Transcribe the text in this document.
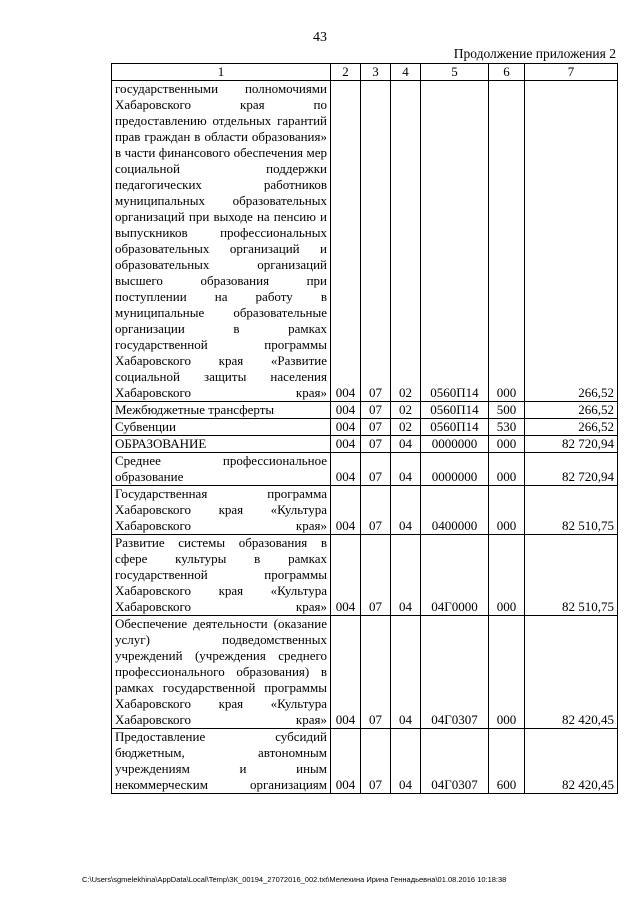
43
Продолжение приложения 2
1	2	3	4	5	6	7
государственными полномочиями Хабаровского края по предоставлению отдельных гарантий прав граждан в области образования» в части финансового обеспечения мер социальной поддержки педагогических работников муниципальных образовательных организаций при выходе на пенсию и выпускников профессиональных образовательных организаций и образовательных организаций высшего образования при поступлении на работу в муниципальные образовательные организации в рамках государственной программы Хабаровского края «Развитие социальной защиты населения Хабаровского края»	004	07	02	0560П14	000	266,52
Межбюджетные трансферты	004	07	02	0560П14	500	266,52
Субвенции	004	07	02	0560П14	530	266,52
ОБРАЗОВАНИЕ	004	07	04	0000000	000	82 720,94
Среднее профессиональное образование	004	07	04	0000000	000	82 720,94
Государственная программа Хабаровского края «Культура Хабаровского края»	004	07	04	0400000	000	82 510,75
Развитие системы образования в сфере культуры в рамках государственной программы Хабаровского края «Культура Хабаровского края»	004	07	04	04Г0000	000	82 510,75
Обеспечение деятельности (оказание услуг) подведомственных учреждений (учреждения среднего профессионального образования) в рамках государственной программы Хабаровского края «Культура Хабаровского края»	004	07	04	04Г0307	000	82 420,45
Предоставление субсидий бюджетным, автономным учреждениям и иным некоммерческим организациям	004	07	04	04Г0307	600	82 420,45
C:\Users\sgmelekhina\AppData\Local\Temp\ЗК_00194_27072016_002.txt\Мелехина Ирина Геннадьевна\01.08.2016 10:18:38
